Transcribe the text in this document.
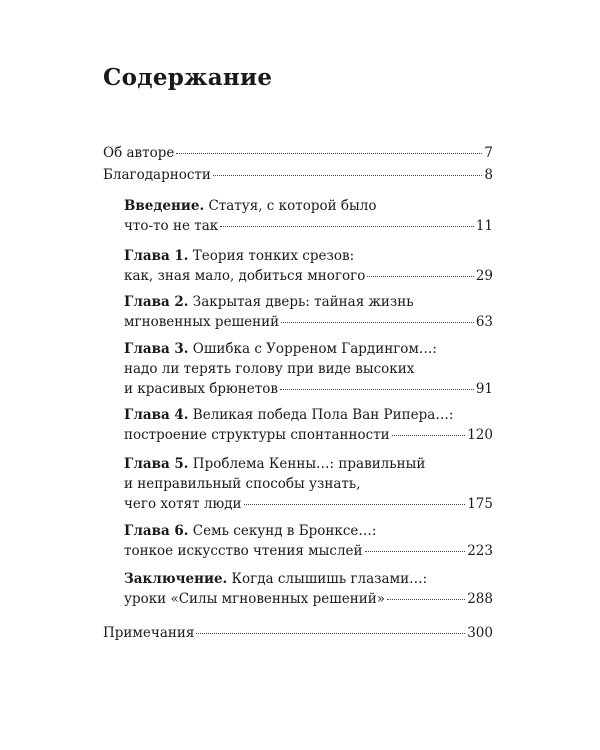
Содержание
Об авторе	7
Благодарности	8
Введение. Статуя, с которой было
что-то не так	11
Глава 1. Теория тонких срезов:
как, зная мало, добиться многого	29
Глава 2. Закрытая дверь: тайная жизнь
мгновенных решений	63
Глава 3. Ошибка с Уорреном Гардингом…:
надо ли терять голову при виде высоких
и красивых брюнетов	91
Глава 4. Великая победа Пола Ван Рипера…:
построение структуры спонтанности	120
Глава 5. Проблема Кенны…: правильный
и неправильный способы узнать,
чего хотят люди	175
Глава 6. Семь секунд в Бронксе…:
тонкое искусство чтения мыслей	223
Заключение. Когда слышишь глазами…:
уроки «Силы мгновенных решений»	288
Примечания	300
